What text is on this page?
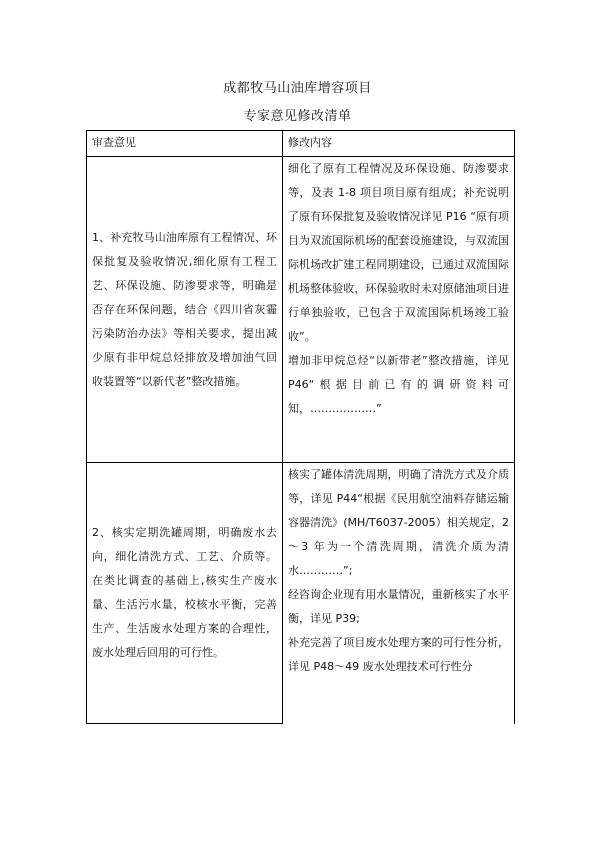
成都牧马山油库增容项目
专家意见修改清单
审查意见	修改内容

1、补充牧马山油库原有工程情况、环保批复及验收情况,细化原有工程工艺、环保设施、防渗要求等，明确是否存在环保问题，结合《四川省灰霾污染防治办法》等相关要求，提出减少原有非甲烷总烃排放及增加油气回收装置等“以新代老”整改措施。	细化了原有工程情况及环保设施、防渗要求等，及表 1-8 项目项目原有组成；补充说明了原有环保批复及验收情况详见 P16 “原有项目为双流国际机场的配套设施建设，与双流国际机场改扩建工程同期建设，已通过双流国际机场整体验收，环保验收时未对原储油项目进行单独验收，已包含于双流国际机场竣工验收”。

增加非甲烷总烃“以新带老”整改措施，详见 P46“根据目前已有的调研资料可知，………………”

2、核实定期洗罐周期，明确废水去向，细化清洗方式、工艺、介质等。在类比调查的基础上,核实生产废水量、生活污水量，校核水平衡，完善生产、生活废水处理方案的合理性，废水处理后回用的可行性。	核实了罐体清洗周期，明确了清洗方式及介质等，详见 P44“根据《民用航空油料存储运输容器清洗》(MH/T6037-2005）相关规定，2～3 年为一个清洗周期，清洗介质为清水…………”;

经咨询企业现有用水量情况，重新核实了水平衡，详见 P39;

补充完善了项目废水处理方案的可行性分析，详见 P48～49 废水处理技术可行性分
